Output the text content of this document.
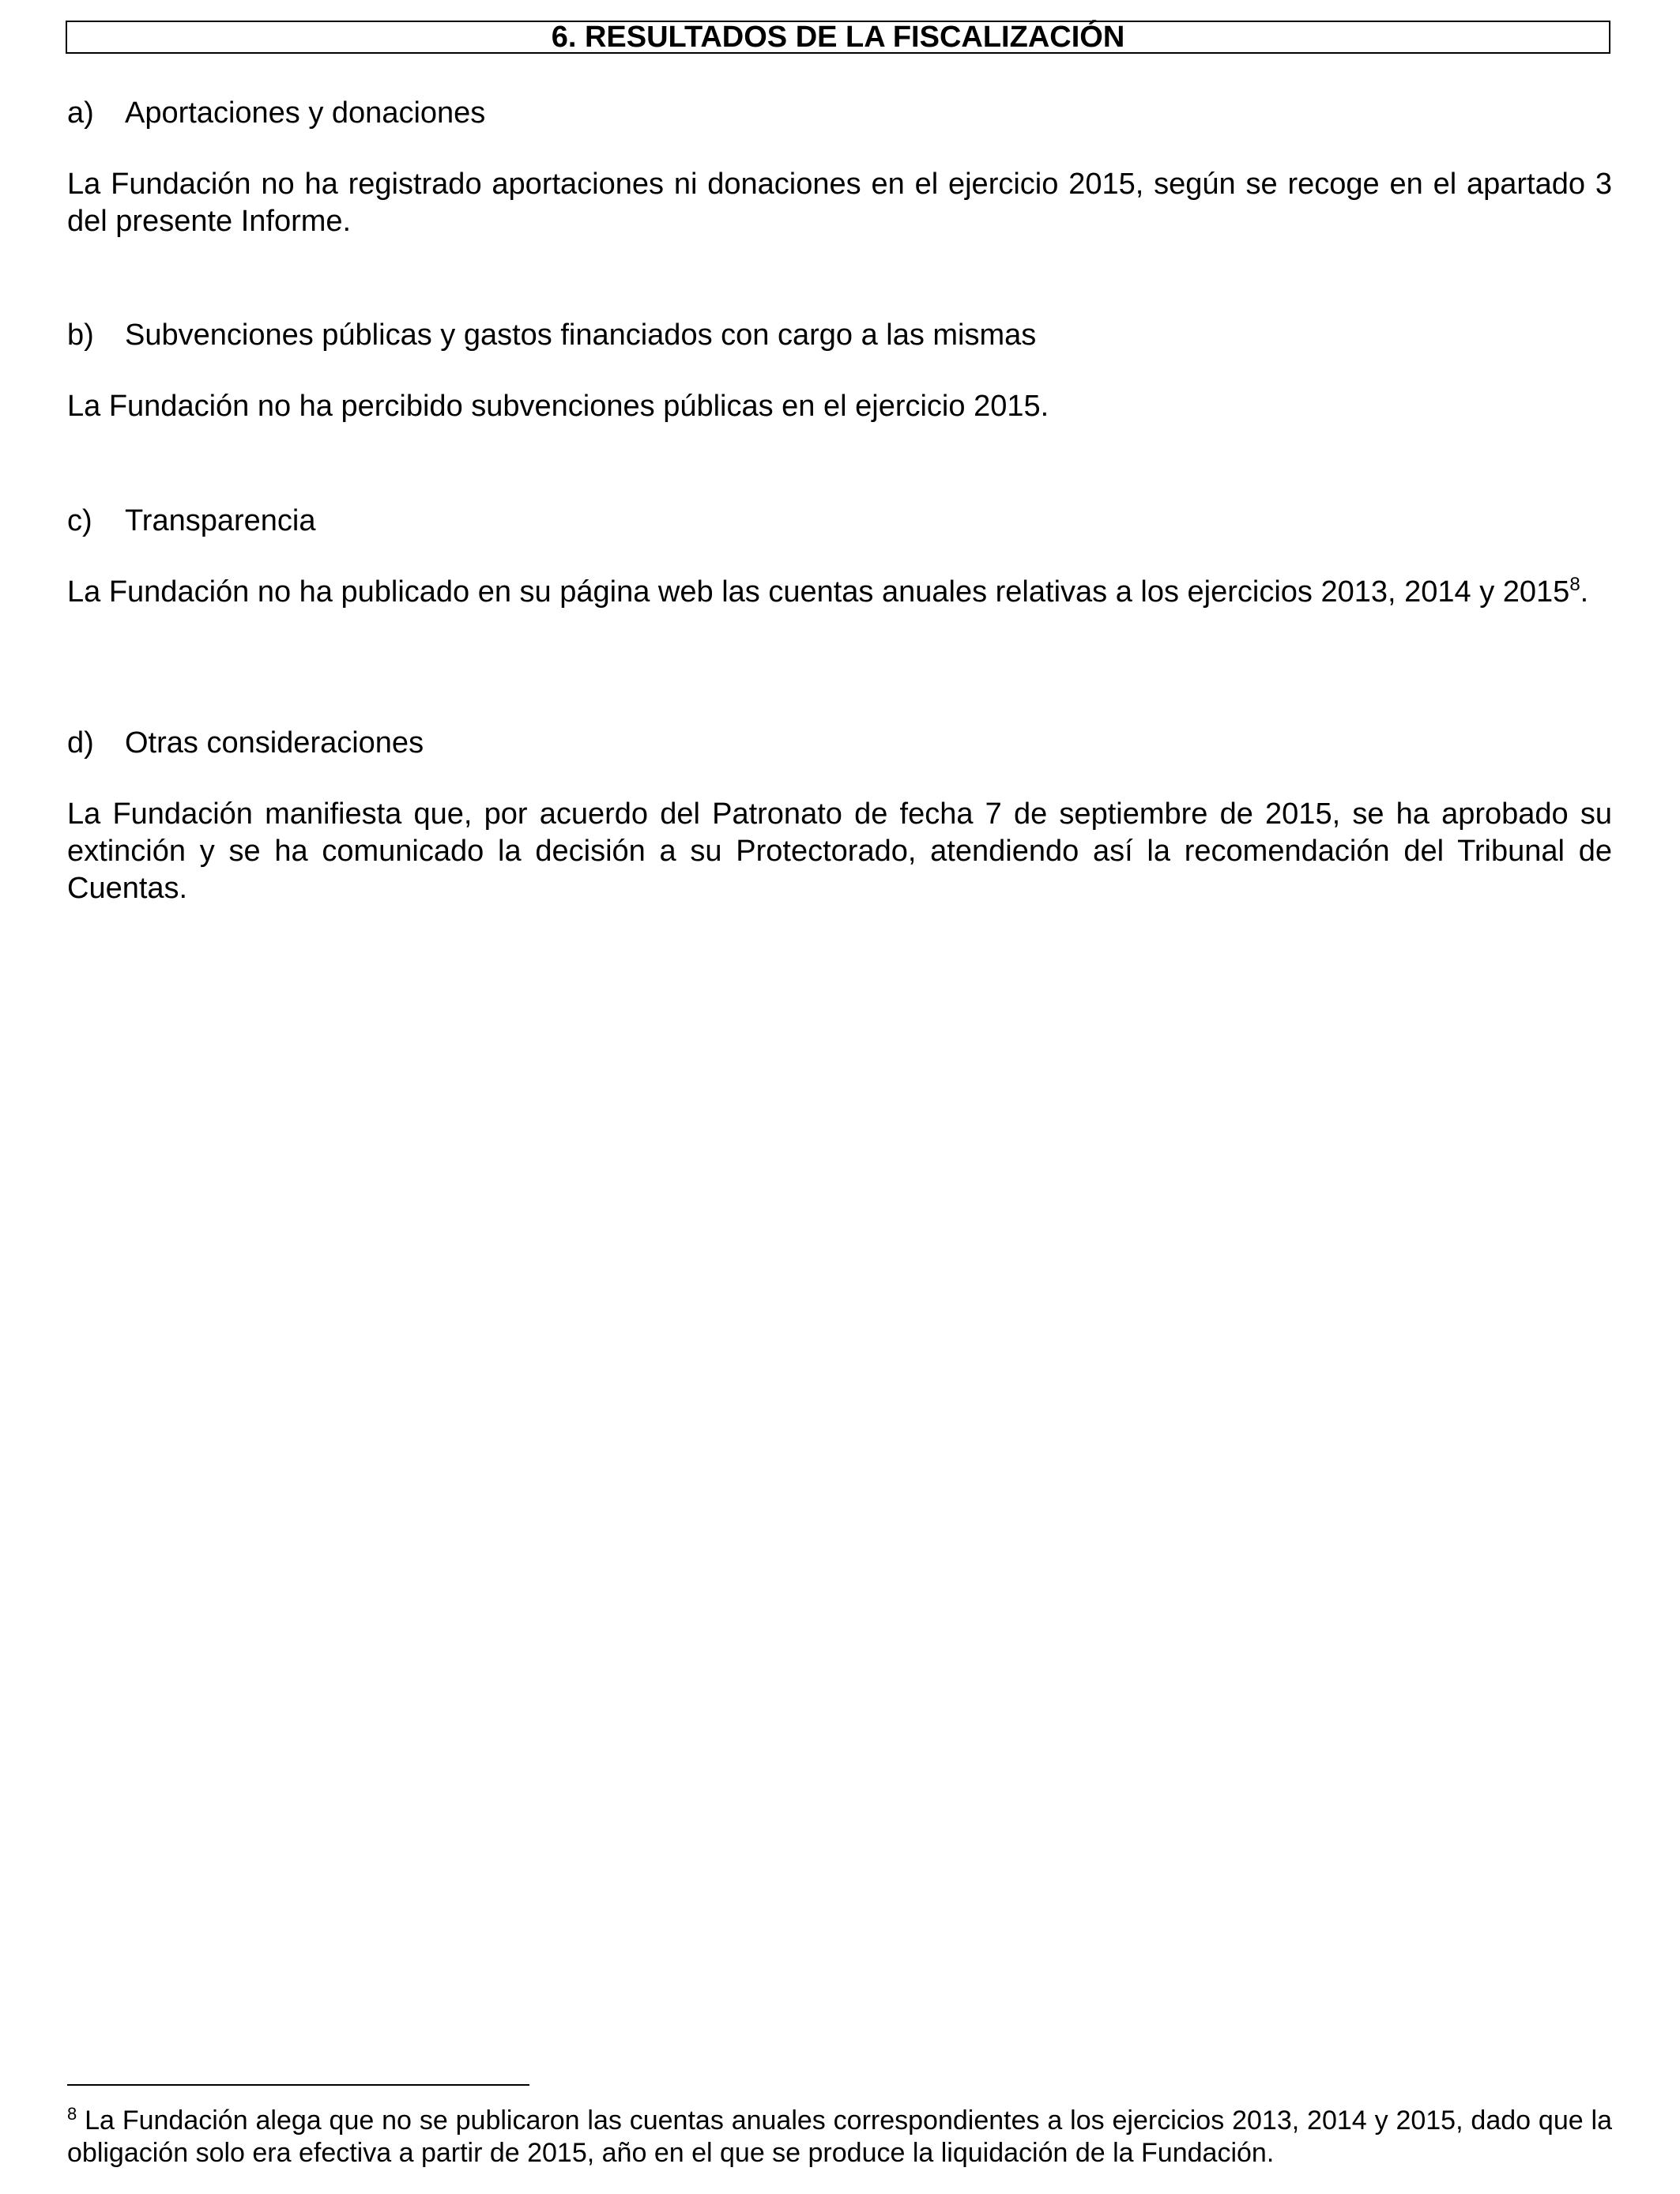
6. RESULTADOS DE LA FISCALIZACIÓN
a) Aportaciones y donaciones
La Fundación no ha registrado aportaciones ni donaciones en el ejercicio 2015, según se recoge en el apartado 3 del presente Informe.
b) Subvenciones públicas y gastos financiados con cargo a las mismas
La Fundación no ha percibido subvenciones públicas en el ejercicio 2015.
c) Transparencia
La Fundación no ha publicado en su página web las cuentas anuales relativas a los ejercicios 2013, 2014 y 2015$^8$.
d) Otras consideraciones
La Fundación manifiesta que, por acuerdo del Patronato de fecha 7 de septiembre de 2015, se ha aprobado su extinción y se ha comunicado la decisión a su Protectorado, atendiendo así la recomendación del Tribunal de Cuentas.
$^8$ La Fundación alega que no se publicaron las cuentas anuales correspondientes a los ejercicios 2013, 2014 y 2015, dado que la obligación solo era efectiva a partir de 2015, año en el que se produce la liquidación de la Fundación.
